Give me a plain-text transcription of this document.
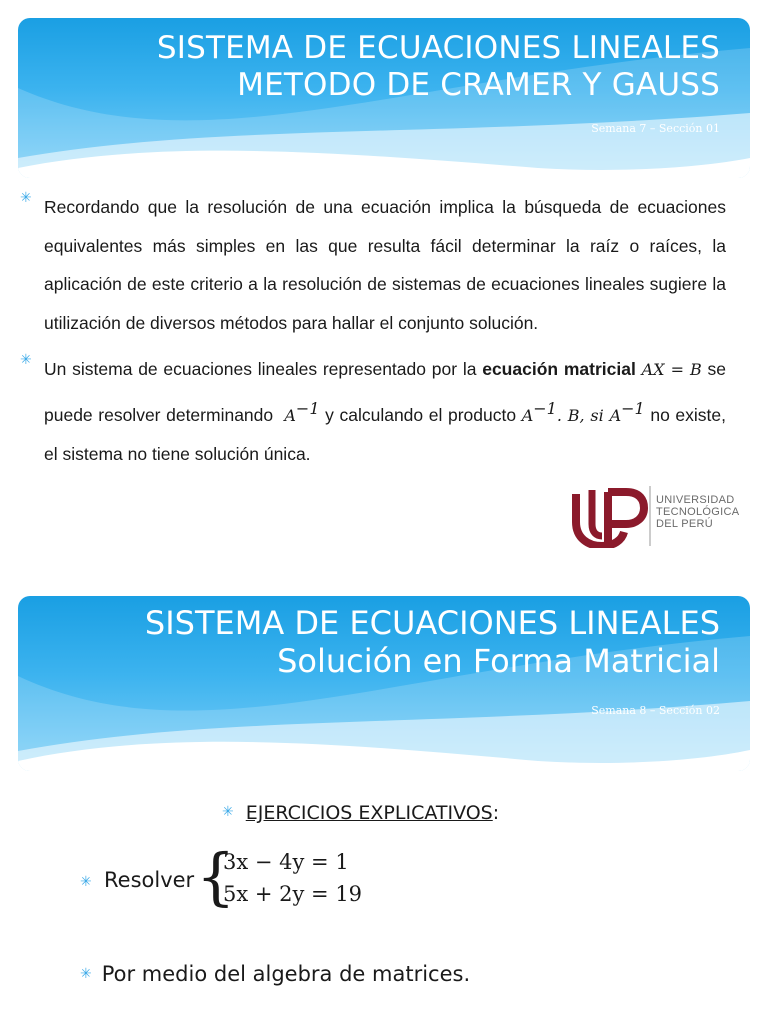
SISTEMA DE ECUACIONES LINEALES
METODO DE CRAMER Y GAUSS
Semana 7 – Sección 01
✳ Recordando que la resolución de una ecuación implica la búsqueda de ecuaciones equivalentes más simples en las que resulta fácil determinar la raíz o raíces, la aplicación de este criterio a la resolución de sistemas de ecuaciones lineales sugiere la utilización de diversos métodos para hallar el conjunto solución.

✳ Un sistema de ecuaciones lineales representado por la ecuación matricial AX = B se puede resolver determinando $A^{-1}$ y calculando el producto $A^{-1}$. B, si $A^{-1}$ no existe, el sistema no tiene solución única.

UNIVERSIDAD
TECNOLÓGICA
DEL PERÚ
SISTEMA DE ECUACIONES LINEALES
Solución en Forma Matricial
Semana 8 – Sección 02
✳ EJERCICIOS EXPLICATIVOS:
✳ Resolver {
3x − 4y = 1
5x + 2y = 19
✳ Por medio del algebra de matrices.
